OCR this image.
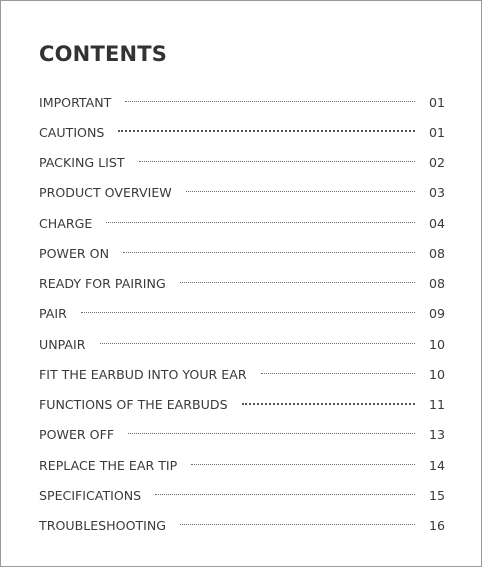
CONTENTS
IMPORTANT	01
CAUTIONS	01
PACKING LIST	02
PRODUCT OVERVIEW	03
CHARGE	04
POWER ON	08
READY FOR PAIRING	08
PAIR	09
UNPAIR	10
FIT THE EARBUD INTO YOUR EAR	10
FUNCTIONS OF THE EARBUDS	11
POWER OFF	13
REPLACE THE EAR TIP	14
SPECIFICATIONS	15
TROUBLESHOOTING	16
